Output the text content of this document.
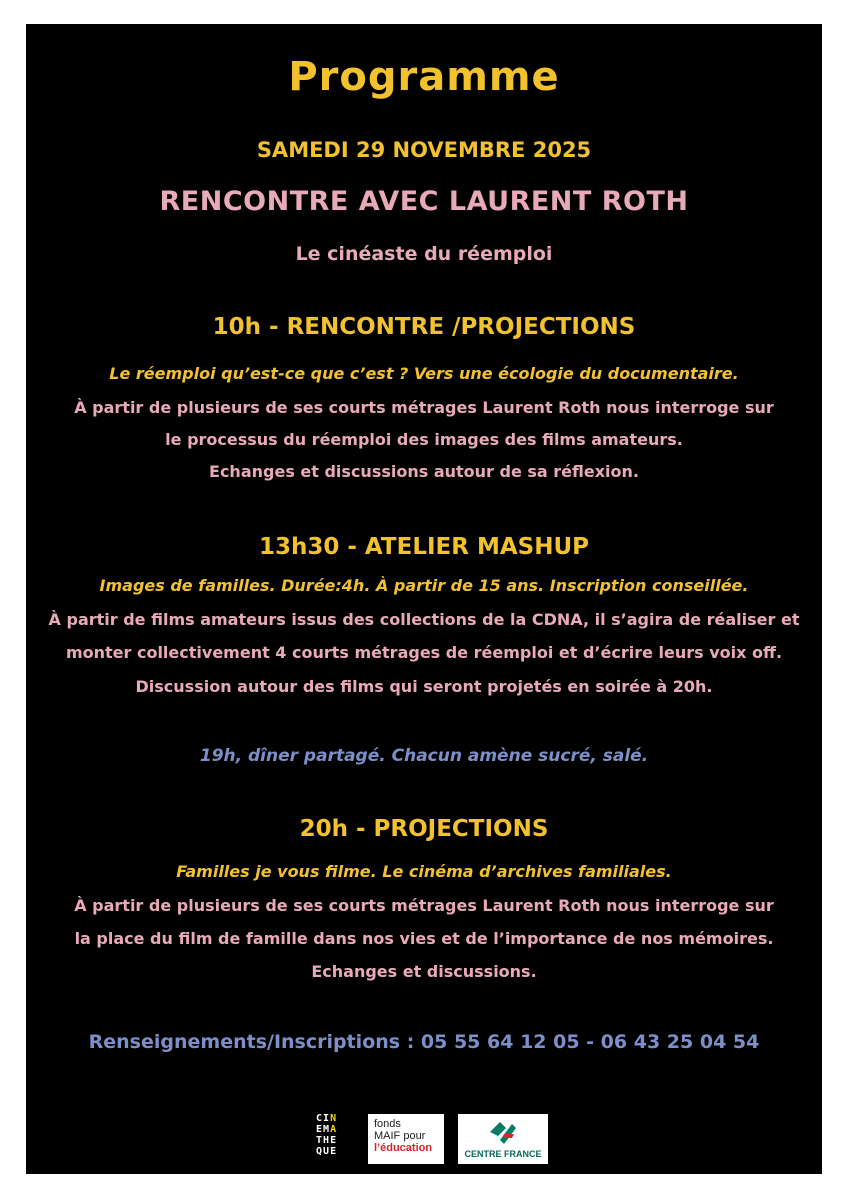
Programme
SAMEDI 29 NOVEMBRE 2025
RENCONTRE AVEC LAURENT ROTH
Le cinéaste du réemploi
10h - RENCONTRE /PROJECTIONS
Le réemploi qu’est-ce que c’est ? Vers une écologie du documentaire.
À partir de plusieurs de ses courts métrages Laurent Roth nous interroge sur
le processus du réemploi des images des films amateurs.
Echanges et discussions autour de sa réflexion.
13h30 - ATELIER MASHUP
Images de familles. Durée:4h. À partir de 15 ans. Inscription conseillée.
À partir de films amateurs issus des collections de la CDNA, il s’agira de réaliser et
monter collectivement 4 courts métrages de réemploi et d’écrire leurs voix off.
Discussion autour des films qui seront projetés en soirée à 20h.
19h, dîner partagé. Chacun amène sucré, salé.
20h - PROJECTIONS
Familles je vous filme. Le cinéma d’archives familiales.
À partir de plusieurs de ses courts métrages Laurent Roth nous interroge sur
la place du film de famille dans nos vies et de l’importance de nos mémoires.
Echanges et discussions.
Renseignements/Inscriptions : 05 55 64 12 05 - 06 43 25 04 54
CIN
EMA
THE
QUE
fonds
MAIF pour
l’éducation	CENTRE FRANCE
